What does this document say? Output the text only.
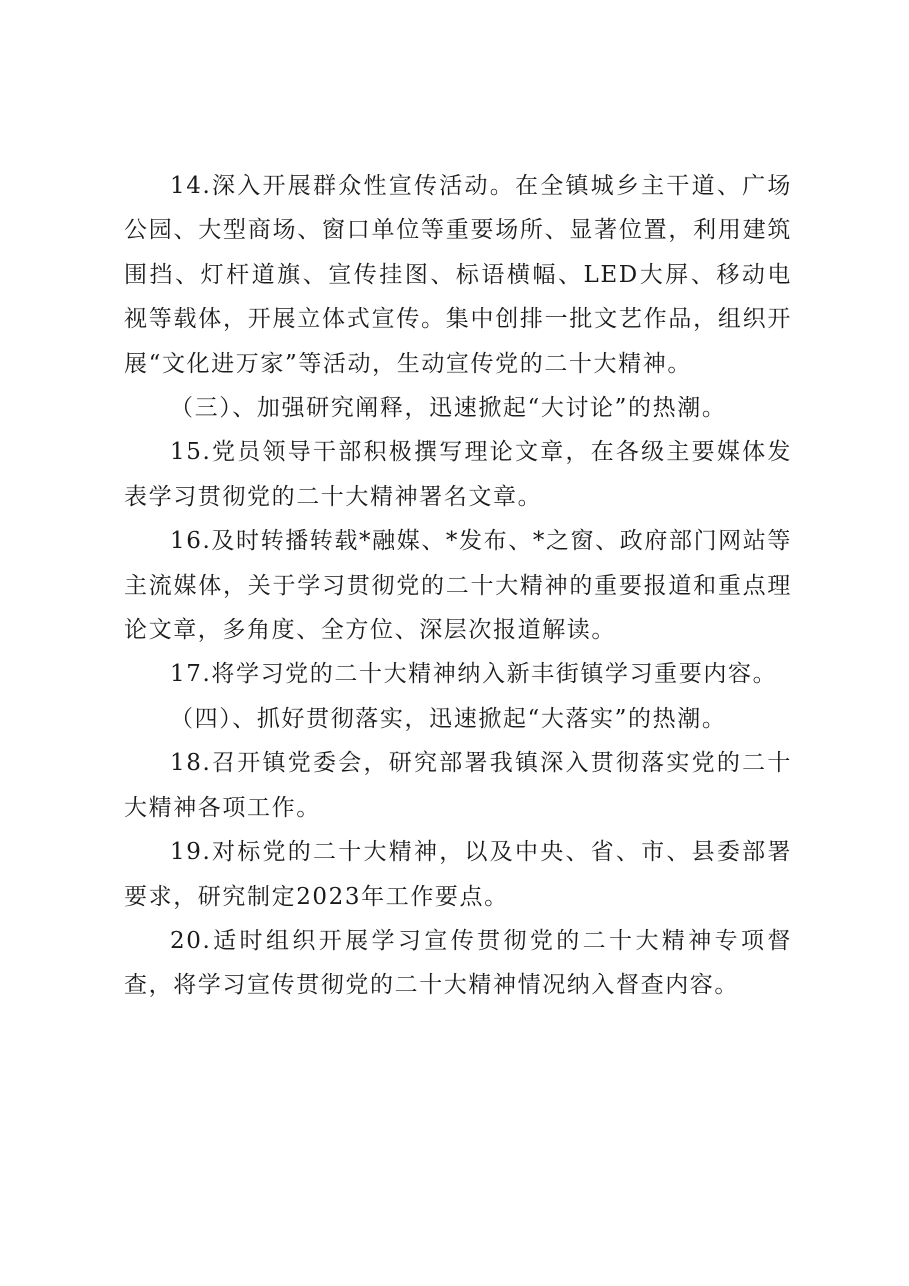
14.深入开展群众性宣传活动。在全镇城乡主干道、广场公园、大型商场、窗口单位等重要场所、显著位置，利用建筑围挡、灯杆道旗、宣传挂图、标语横幅、LED大屏、移动电视等载体，开展立体式宣传。集中创排一批文艺作品，组织开展“文化进万家”等活动，生动宣传党的二十大精神。

（三）、加强研究阐释，迅速掀起“大讨论”的热潮。

15.党员领导干部积极撰写理论文章，在各级主要媒体发表学习贯彻党的二十大精神署名文章。

16.及时转播转载*融媒、*发布、*之窗、政府部门网站等主流媒体，关于学习贯彻党的二十大精神的重要报道和重点理论文章，多角度、全方位、深层次报道解读。

17.将学习党的二十大精神纳入新丰街镇学习重要内容。

（四）、抓好贯彻落实，迅速掀起“大落实”的热潮。

18.召开镇党委会，研究部署我镇深入贯彻落实党的二十大精神各项工作。

19.对标党的二十大精神，以及中央、省、市、县委部署要求，研究制定2023年工作要点。

20.适时组织开展学习宣传贯彻党的二十大精神专项督查，将学习宣传贯彻党的二十大精神情况纳入督查内容。
